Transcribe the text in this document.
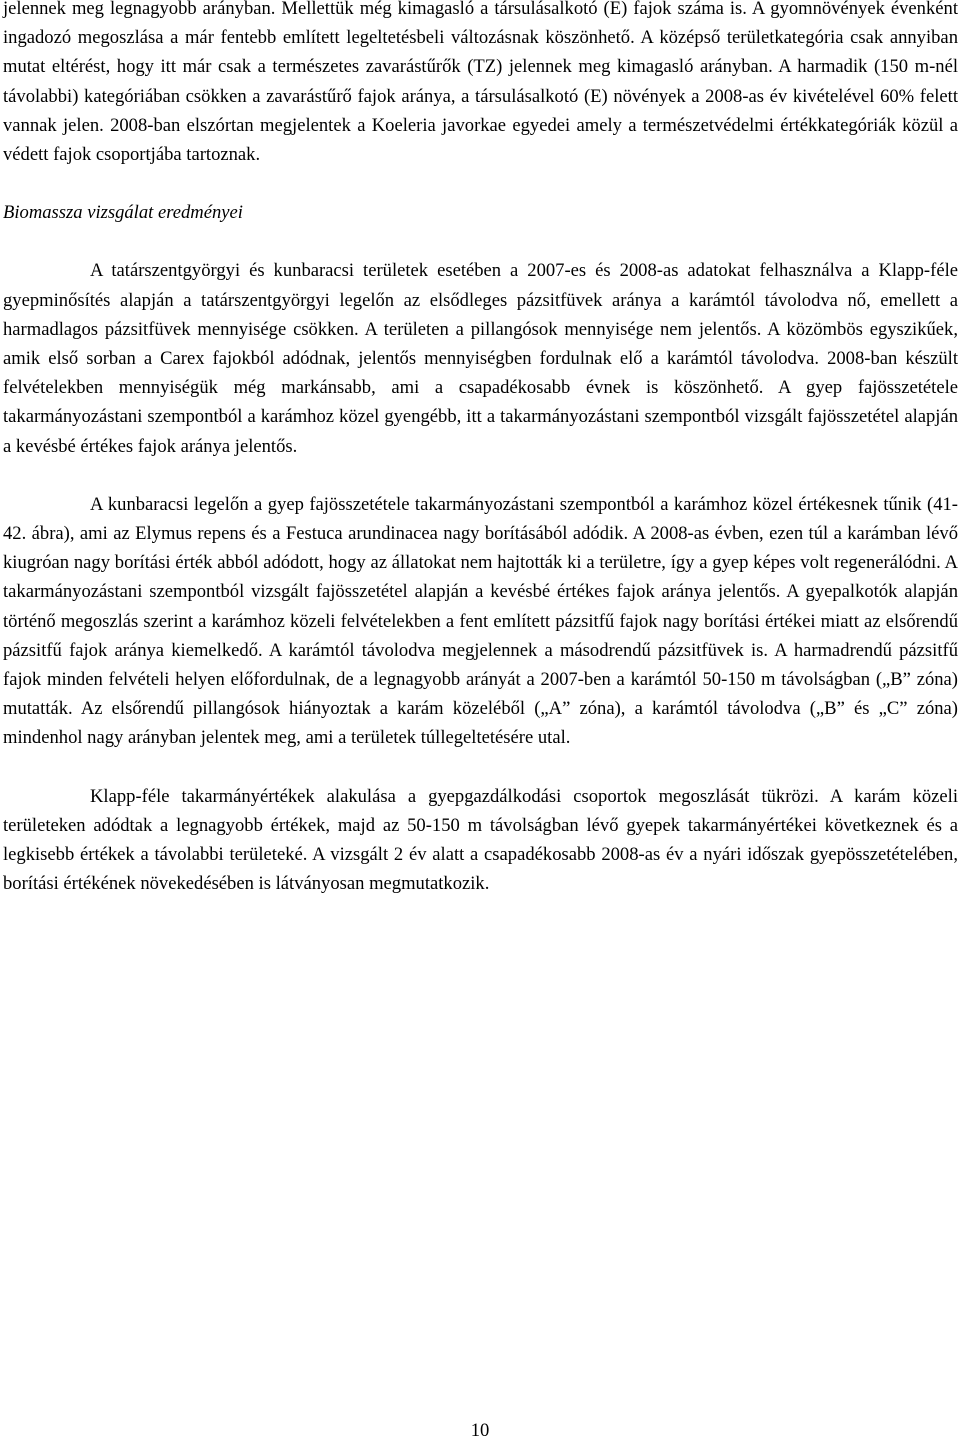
jelennek meg legnagyobb arányban. Mellettük még kimagasló a társulásalkotó (E) fajok száma is. A gyomnövények évenként ingadozó megoszlása a már fentebb említett legeltetésbeli változásnak köszönhető. A középső területkategória csak annyiban mutat eltérést, hogy itt már csak a természetes zavarástűrők (TZ) jelennek meg kimagasló arányban. A harmadik (150 m-nél távolabbi) kategóriában csökken a zavarástűrő fajok aránya, a társulásalkotó (E) növények a 2008-as év kivételével 60% felett vannak jelen. 2008-ban elszórtan megjelentek a Koeleria javorkae egyedei amely a természetvédelmi értékkategóriák közül a védett fajok csoportjába tartoznak.

Biomassza vizsgálat eredményei

A tatárszentgyörgyi és kunbaracsi területek esetében a 2007-es és 2008-as adatokat felhasználva a Klapp-féle gyepminősítés alapján a tatárszentgyörgyi legelőn az elsődleges pázsitfüvek aránya a karámtól távolodva nő, emellett a harmadlagos pázsitfüvek mennyisége csökken. A területen a pillangósok mennyisége nem jelentős. A közömbös egyszikűek, amik első sorban a Carex fajokból adódnak, jelentős mennyiségben fordulnak elő a karámtól távolodva. 2008-ban készült felvételekben mennyiségük még markánsabb, ami a csapadékosabb évnek is köszönhető. A gyep fajösszetétele takarmányozástani szempontból a karámhoz közel gyengébb, itt a takarmányozástani szempontból vizsgált fajösszetétel alapján a kevésbé értékes fajok aránya jelentős.

A kunbaracsi legelőn a gyep fajösszetétele takarmányozástani szempontból a karámhoz közel értékesnek tűnik (41-42. ábra), ami az Elymus repens és a Festuca arundinacea nagy borításából adódik. A 2008-as évben, ezen túl a karámban lévő kiugróan nagy borítási érték abból adódott, hogy az állatokat nem hajtották ki a területre, így a gyep képes volt regenerálódni. A takarmányozástani szempontból vizsgált fajösszetétel alapján a kevésbé értékes fajok aránya jelentős. A gyepalkotók alapján történő megoszlás szerint a karámhoz közeli felvételekben a fent említett pázsitfű fajok nagy borítási értékei miatt az elsőrendű pázsitfű fajok aránya kiemelkedő. A karámtól távolodva megjelennek a másodrendű pázsitfüvek is. A harmadrendű pázsitfű fajok minden felvételi helyen előfordulnak, de a legnagyobb arányát a 2007-ben a karámtól 50-150 m távolságban („B” zóna) mutatták. Az elsőrendű pillangósok hiányoztak a karám közeléből („A” zóna), a karámtól távolodva („B” és „C” zóna) mindenhol nagy arányban jelentek meg, ami a területek túllegeltetésére utal.

Klapp-féle takarmányértékek alakulása a gyepgazdálkodási csoportok megoszlását tükrözi. A karám közeli területeken adódtak a legnagyobb értékek, majd az 50-150 m távolságban lévő gyepek takarmányértékei következnek és a legkisebb értékek a távolabbi területeké. A vizsgált 2 év alatt a csapadékosabb 2008-as év a nyári időszak gyepösszetételében, borítási értékének növekedésében is látványosan megmutatkozik.

10
